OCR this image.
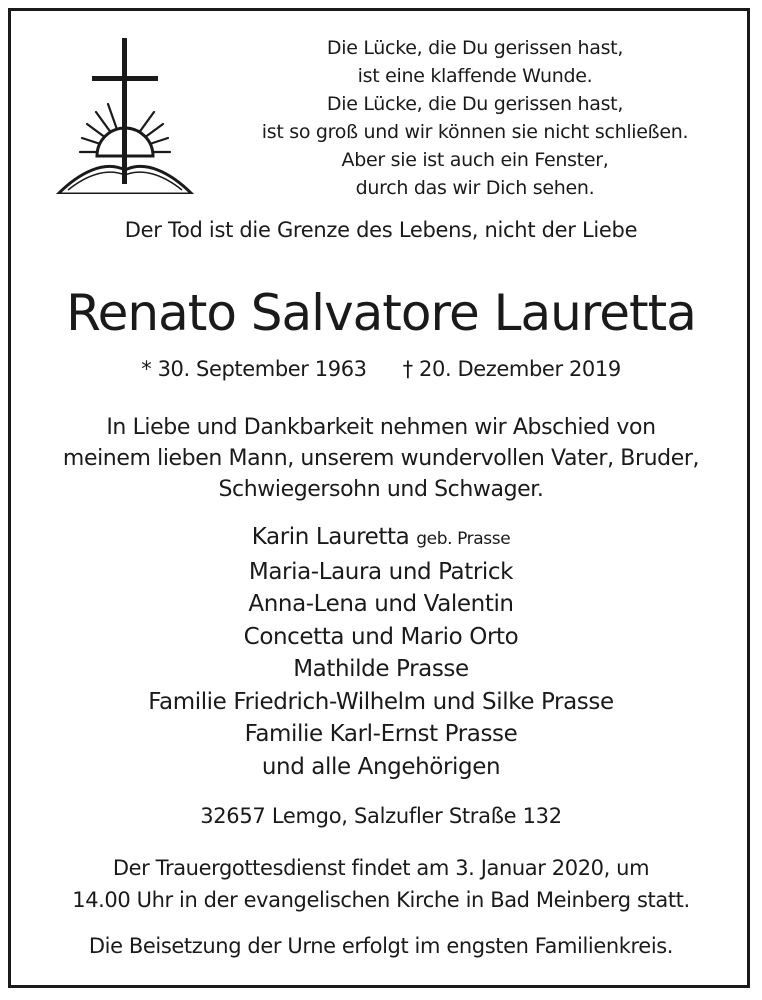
Die Lücke, die Du gerissen hast,
ist eine klaffende Wunde.
Die Lücke, die Du gerissen hast,
ist so groß und wir können sie nicht schließen.
Aber sie ist auch ein Fenster,
durch das wir Dich sehen.
Der Tod ist die Grenze des Lebens, nicht der Liebe
Renato Salvatore Lauretta
* 30. September 1963 † 20. Dezember 2019
In Liebe und Dankbarkeit nehmen wir Abschied von
meinem lieben Mann, unserem wundervollen Vater, Bruder,
Schwiegersohn und Schwager.
Karin Lauretta geb. Prasse
Maria-Laura und Patrick
Anna-Lena und Valentin
Concetta und Mario Orto
Mathilde Prasse
Familie Friedrich-Wilhelm und Silke Prasse
Familie Karl-Ernst Prasse
und alle Angehörigen
32657 Lemgo, Salzufler Straße 132
Der Trauergottesdienst findet am 3. Januar 2020, um
14.00 Uhr in der evangelischen Kirche in Bad Meinberg statt.
Die Beisetzung der Urne erfolgt im engsten Familienkreis.
